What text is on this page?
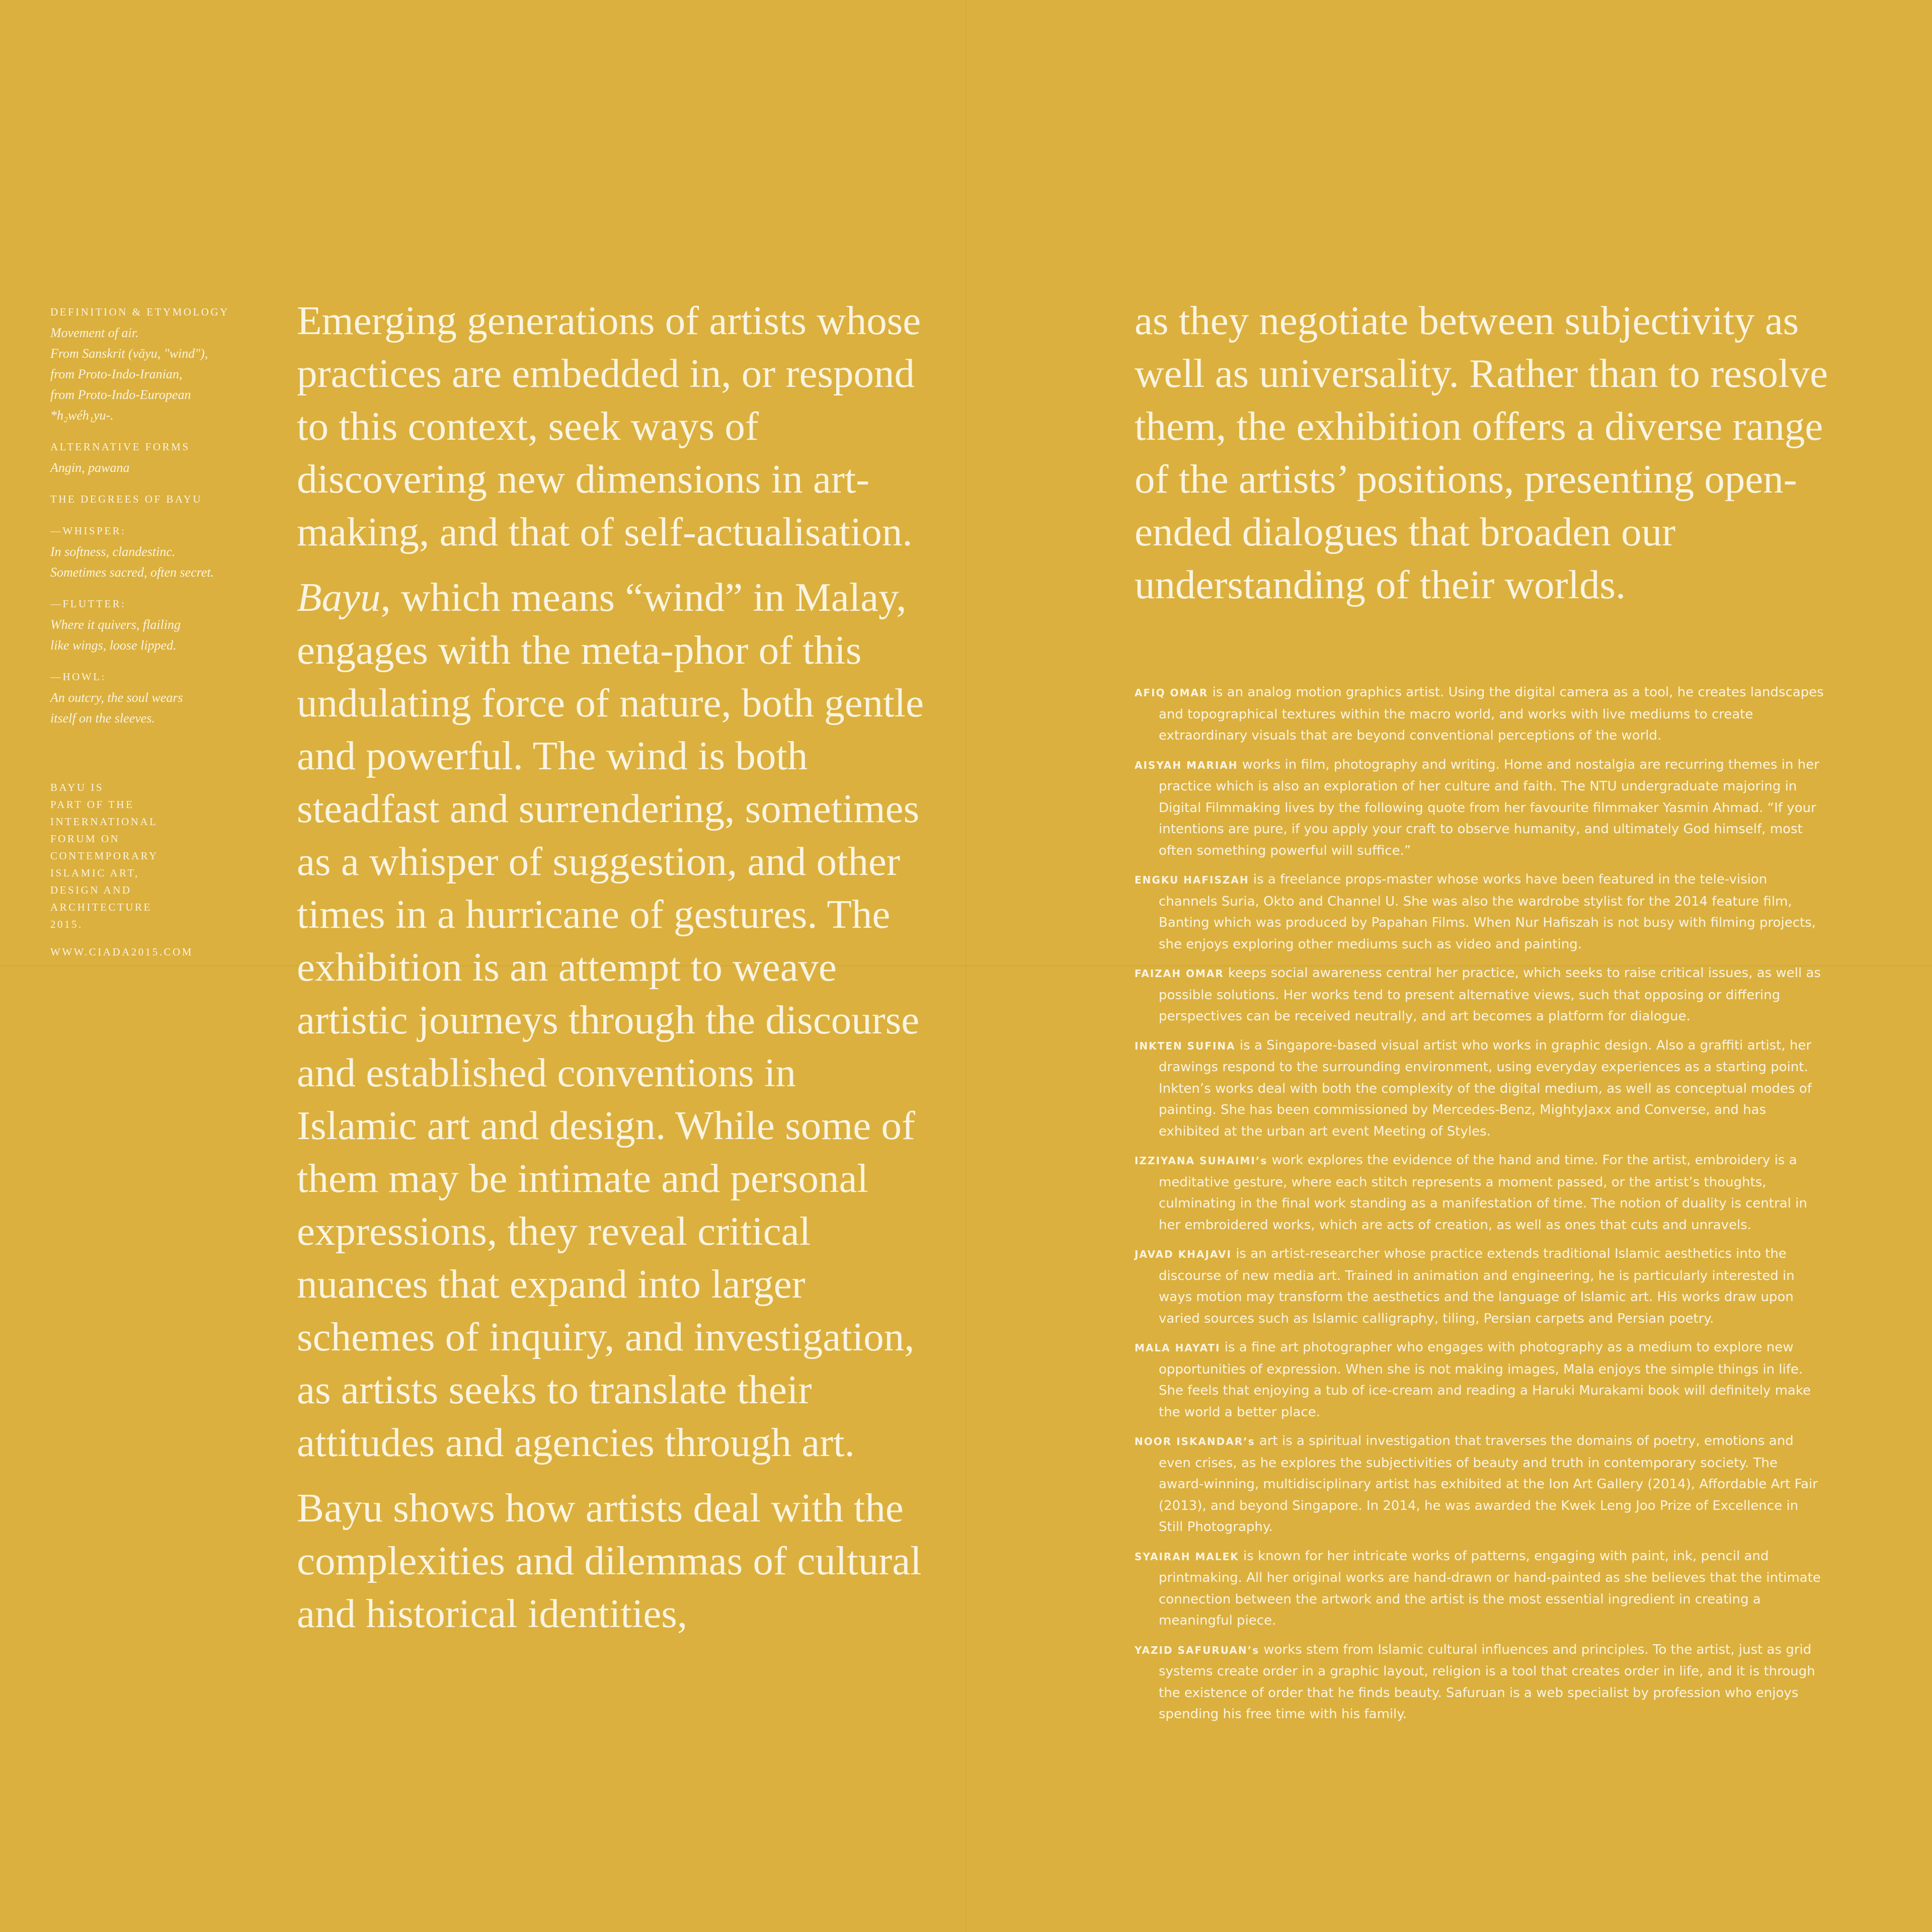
DEFINITION & ETYMOLOGY
Movement of air.
From Sanskrit (vāyu, "wind"),
from Proto-Indo-Iranian,
from Proto-Indo-European
*h₂wéh₁yu-.
ALTERNATIVE FORMS
Angin, pawana
THE DEGREES OF BAYU
—WHISPER:
In softness, clandestinc.
Sometimes sacred, often secret.
—FLUTTER:
Where it quivers, flailing
like wings, loose lipped.
—HOWL:
An outcry, the soul wears
itself on the sleeves.
BAYU IS
PART OF THE
INTERNATIONAL
FORUM ON
CONTEMPORARY
ISLAMIC ART,
DESIGN AND
ARCHITECTURE
2015.
WWW.CIADA2015.COM

Emerging generations of artists whose practices are embedded in, or respond to this context, seek ways of discovering new dimensions in art-making, and that of self-actualisation.

Bayu, which means “wind” in Malay, engages with the meta-phor of this undulating force of nature, both gentle and powerful. The wind is both steadfast and surrendering, sometimes as a whisper of suggestion, and other times in a hurricane of gestures. The exhibition is an attempt to weave artistic journeys through the discourse and established conventions in Islamic art and design. While some of them may be intimate and personal expressions, they reveal critical nuances that expand into larger schemes of inquiry, and investigation, as artists seeks to translate their attitudes and agencies through art.

Bayu shows how artists deal with the complexities and dilemmas of cultural and historical identities,

as they negotiate between subjectivity as well as universality. Rather than to resolve them, the exhibition offers a diverse range of the artists’ positions, presenting open-ended dialogues that broaden our understanding of their worlds.

AFIQ OMAR is an analog motion graphics artist. Using the digital camera as a tool, he creates landscapes and topographical textures within the macro world, and works with live mediums to create extraordinary visuals that are beyond conventional perceptions of the world.

AISYAH MARIAH works in film, photography and writing. Home and nostalgia are recurring themes in her practice which is also an exploration of her culture and faith. The NTU undergraduate majoring in Digital Filmmaking lives by the following quote from her favourite filmmaker Yasmin Ahmad. “If your intentions are pure, if you apply your craft to observe humanity, and ultimately God himself, most often something powerful will suffice.”

ENGKU HAFISZAH is a freelance props-master whose works have been featured in the tele-vision channels Suria, Okto and Channel U. She was also the wardrobe stylist for the 2014 feature film, Banting which was produced by Papahan Films. When Nur Hafiszah is not busy with filming projects, she enjoys exploring other mediums such as video and painting.

FAIZAH OMAR keeps social awareness central her practice, which seeks to raise critical issues, as well as possible solutions. Her works tend to present alternative views, such that opposing or differing perspectives can be received neutrally, and art becomes a platform for dialogue.

INKTEN SUFINA is a Singapore-based visual artist who works in graphic design. Also a graffiti artist, her drawings respond to the surrounding environment, using everyday experiences as a starting point. Inkten’s works deal with both the complexity of the digital medium, as well as conceptual modes of painting. She has been commissioned by Mercedes-Benz, MightyJaxx and Converse, and has exhibited at the urban art event Meeting of Styles.

IZZIYANA SUHAIMI’s work explores the evidence of the hand and time. For the artist, embroidery is a meditative gesture, where each stitch represents a moment passed, or the artist’s thoughts, culminating in the final work standing as a manifestation of time. The notion of duality is central in her embroidered works, which are acts of creation, as well as ones that cuts and unravels.

JAVAD KHAJAVI is an artist-researcher whose practice extends traditional Islamic aesthetics into the discourse of new media art. Trained in animation and engineering, he is particularly interested in ways motion may transform the aesthetics and the language of Islamic art. His works draw upon varied sources such as Islamic calligraphy, tiling, Persian carpets and Persian poetry.

MALA HAYATI is a fine art photographer who engages with photography as a medium to explore new opportunities of expression. When she is not making images, Mala enjoys the simple things in life. She feels that enjoying a tub of ice-cream and reading a Haruki Murakami book will definitely make the world a better place.

NOOR ISKANDAR’s art is a spiritual investigation that traverses the domains of poetry, emotions and even crises, as he explores the subjectivities of beauty and truth in contemporary society. The award-winning, multidisciplinary artist has exhibited at the Ion Art Gallery (2014), Affordable Art Fair (2013), and beyond Singapore. In 2014, he was awarded the Kwek Leng Joo Prize of Excellence in Still Photography.

SYAIRAH MALEK is known for her intricate works of patterns, engaging with paint, ink, pencil and printmaking. All her original works are hand-drawn or hand-painted as she believes that the intimate connection between the artwork and the artist is the most essential ingredient in creating a meaningful piece.

YAZID SAFURUAN’s works stem from Islamic cultural influences and principles. To the artist, just as grid systems create order in a graphic layout, religion is a tool that creates order in life, and it is through the existence of order that he finds beauty. Safuruan is a web specialist by profession who enjoys spending his free time with his family.
